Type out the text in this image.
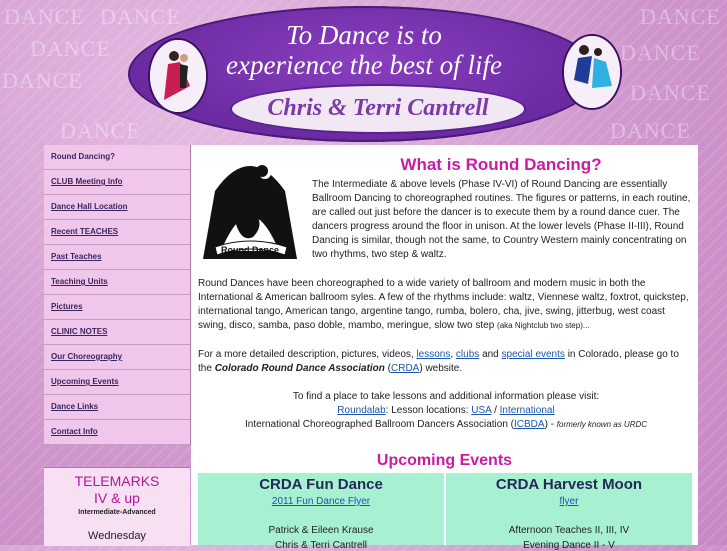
DANCE DANCE	DANCE
DANCE	DANCE
DANCE	DANCE
DANCE	DANCE
To Dance is to
experience the best of life
Chris & Terri Cantrell
Round Dancing?
CLUB Meeting Info
Dance Hall Location
Recent TEACHES
Past Teaches
Teaching Units
Pictures
CLINIC NOTES
Our Choreography
Upcoming Events
Dance Links
Contact Info
TELEMARKS
IV & up
Intermediate-Advanced
Wednesday
Round Dance
What is Round Dancing?
The Intermediate & above levels (Phase IV-VI) of Round Dancing are essentially Ballroom Dancing to choreographed routines. The figures or patterns, in each routine, are called out just before the dancer is to execute them by a round dance cuer. The dancers progress around the floor in unison. At the lower levels (Phase II-III), Round Dancing is similar, though not the same, to Country Western mainly concentrating on two rhythms, two step & waltz.
Round Dances have been choreographed to a wide variety of ballroom and modern music in both the International & American ballroom syles. A few of the rhythms include: waltz, Viennese waltz, foxtrot, quickstep, international tango, American tango, argentine tango, rumba, bolero, cha, jive, swing, jitterbug, west coast swing, disco, samba, paso doble, mambo, meringue, slow two step (aka Nightclub two step)...
For a more detailed description, pictures, videos, lessons, clubs and special events in Colorado, please go to the Colorado Round Dance Association (CRDA) website.
To find a place to take lessons and additional information please visit:
Roundalab: Lesson locations: USA / International
International Choreographed Ballroom Dancers Association (ICBDA) - formerly known as URDC
Upcoming Events
CRDA Fun Dance
2011 Fun Dance Flyer
Patrick & Eileen Krause
Chris & Terri Cantrell
CRDA Harvest Moon
flyer
Afternoon Teaches II, III, IV
Evening Dance II - V
